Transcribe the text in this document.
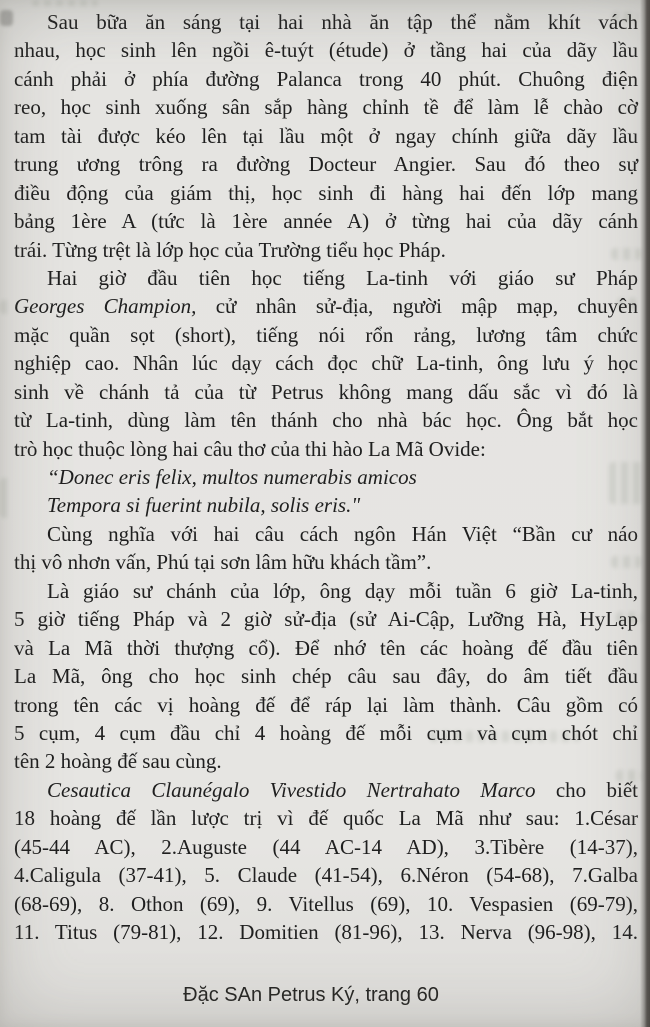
Sau bữa ăn sáng tại hai nhà ăn tập thể nằm khít vách
nhau, học sinh lên ngồi ê-tuýt (étude) ở tầng hai của dãy lầu
cánh phải ở phía đường Palanca trong 40 phút. Chuông điện
reo, học sinh xuống sân sắp hàng chỉnh tề để làm lễ chào cờ
tam tài được kéo lên tại lầu một ở ngay chính giữa dãy lầu
trung ương trông ra đường Docteur Angier. Sau đó theo sự
điều động của giám thị, học sinh đi hàng hai đến lớp mang
bảng 1ère A (tức là 1ère année A) ở từng hai của dãy cánh
trái. Từng trệt là lớp học của Trường tiểu học Pháp.
Hai giờ đầu tiên học tiếng La-tinh với giáo sư Pháp
Georges Champion, cử nhân sử-địa, người mập mạp, chuyên
mặc quần sọt (short), tiếng nói rổn rảng, lương tâm chức
nghiệp cao. Nhân lúc dạy cách đọc chữ La-tinh, ông lưu ý học
sinh về chánh tả của từ Petrus không mang dấu sắc vì đó là
từ La-tinh, dùng làm tên thánh cho nhà bác học. Ông bắt học
trò học thuộc lòng hai câu thơ của thi hào La Mã Ovide:
“Donec eris felix, multos numerabis amicos
Tempora si fuerint nubila, solis eris."
Cùng nghĩa với hai câu cách ngôn Hán Việt “Bần cư náo
thị vô nhơn vấn, Phú tại sơn lâm hữu khách tầm”.
Là giáo sư chánh của lớp, ông dạy mỗi tuần 6 giờ La-tinh,
5 giờ tiếng Pháp và 2 giờ sử-địa (sử Ai-Cập, Lưỡng Hà, HyLạp
và La Mã thời thượng cổ). Để nhớ tên các hoàng đế đầu tiên
La Mã, ông cho học sinh chép câu sau đây, do âm tiết đầu
trong tên các vị hoàng đế để ráp lại làm thành. Câu gồm có
5 cụm, 4 cụm đầu chỉ 4 hoàng đế mỗi cụm và cụm chót chỉ
tên 2 hoàng đế sau cùng.
Cesautica Claunégalo Vivestido Nertrahato Marco cho biết
18 hoàng đế lần lược trị vì đế quốc La Mã như sau: 1.César
(45-44 AC), 2.Auguste (44 AC-14 AD), 3.Tibère (14-37),
4.Caligula (37-41), 5. Claude (41-54), 6.Néron (54-68), 7.Galba
(68-69), 8. Othon (69), 9. Vitellus (69), 10. Vespasien (69-79),
11. Titus (79-81), 12. Domitien (81-96), 13. Nerva (96-98), 14.
Đặc SAn Petrus Ký, trang 60
